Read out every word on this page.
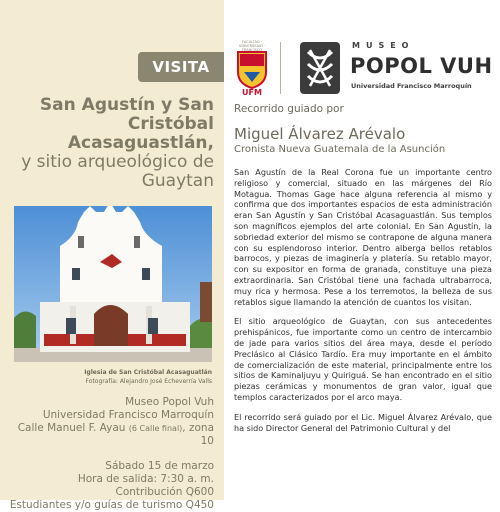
VISITA
San Agustín y San
Cristóbal
Acasaguastlán,
y sitio arqueológico de
Guaytan
Iglesia de San Cristóbal Acasaguatlán
Fotografía: Alejandro José Echeverría Valls
Museo Popol Vuh
Universidad Francisco Marroquín
Calle Manuel F. Ayau (6 Calle final), zona 10
Sábado 15 de marzo
Hora de salida: 7:30 a. m.
Contribución Q600
Estudiantes y/o guías de turismo Q450
FACULTAD · UNIVERSIDAD · FRANCISCO
UFM
MUSEO
POPOL VUH
Universidad Francisco Marroquín
Recorrido guiado por
Miguel Álvarez Arévalo
Cronista Nueva Guatemala de la Asunción
San Agustín de la Real Corona fue un importante centro religioso y comercial, situado en las márgenes del Río Motagua. Thomas Gage hace alguna referencia al mismo y confirma que dos importantes espacios de esta administración eran San Agustín y San Cristóbal Acasaguastlán. Sus templos son magníficos ejemplos del arte colonial. En San Agustín, la sobriedad exterior del mismo se contrapone de alguna manera con su esplendoroso interior. Dentro alberga bellos retablos barrocos, y piezas de imaginería y platería. Su retablo mayor, con su expositor en forma de granada, constituye una pieza extraordinaria. San Cristóbal tiene una fachada ultrabarroca, muy rica y hermosa. Pese a los terremotos, la belleza de sus retablos sigue llamando la atención de cuantos los visitan.
El sitio arqueológico de Guaytan, con sus antecedentes prehispánicos, fue importante como un centro de intercambio de jade para varios sitios del área maya, desde el período Preclásico al Clásico Tardío. Era muy importante en el ámbito de comercialización de este material, principalmente entre los sitios de Kaminaljuyu y Quiriguá. Se han encontrado en el sitio piezas cerámicas y monumentos de gran valor, igual que templos caracterizados por el arco maya.
El recorrido será guiado por el Lic. Miguel Álvarez Arévalo, que ha sido Director General del Patrimonio Cultural y del
